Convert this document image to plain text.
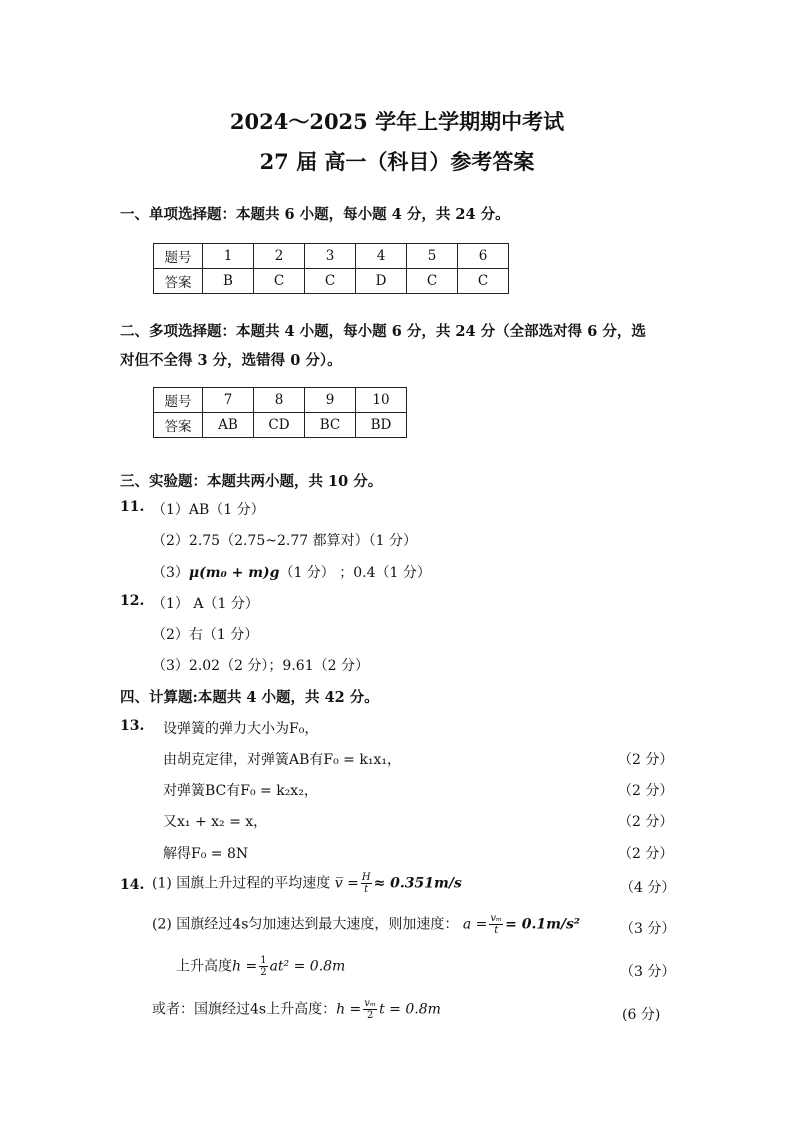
2024～2025 学年上学期期中考试
27 届 高一（科目）参考答案
一、单项选择题：本题共 6 小题，每小题 4 分，共 24 分。
题号	1	2	3	4	5	6
答案	B	C	C	D	C	C
二、多项选择题：本题共 4 小题，每小题 6 分，共 24 分（全部选对得 6 分，选
对但不全得 3 分，选错得 0 分）。
题号	7	8	9	10
答案	AB	CD	BC	BD
三、实验题：本题共两小题，共 10 分。
11. （1）AB（1 分）
（2）2.75（2.75~2.77 都算对）（1 分）
（3）μ(m₀ + m)g（1 分） ；0.4（1 分）
12. （1） A（1 分）
（2）右（1 分）
（3）2.02（2 分）；9.61（2 分）
四、计算题:本题共 4 小题，共 42 分。
13. 设弹簧的弹力大小为F₀，
由胡克定律，对弹簧AB有F₀ = k₁x₁，	（2 分）
对弹簧BC有F₀ = k₂x₂，	（2 分）
又x₁ + x₂ = x，	（2 分）
解得F₀ = 8N	（2 分）
14. (1) 国旗上升过程的平均速度 v̅ = $\frac{H}{t} \approx 0.351m/s$	（4 分）
(2) 国旗经过4s匀加速达到最大速度，则加速度： $a = \frac{\text{vₘ}}{t} = 0.1m/s^2$	（3 分）
上升高度$h = \frac{1}{2} at^2 = 0.8m$	（3 分）
或者：国旗经过4s上升高度：$h = \frac{\text{vₘ}}{2}$ t = 0.8m	(6 分)
